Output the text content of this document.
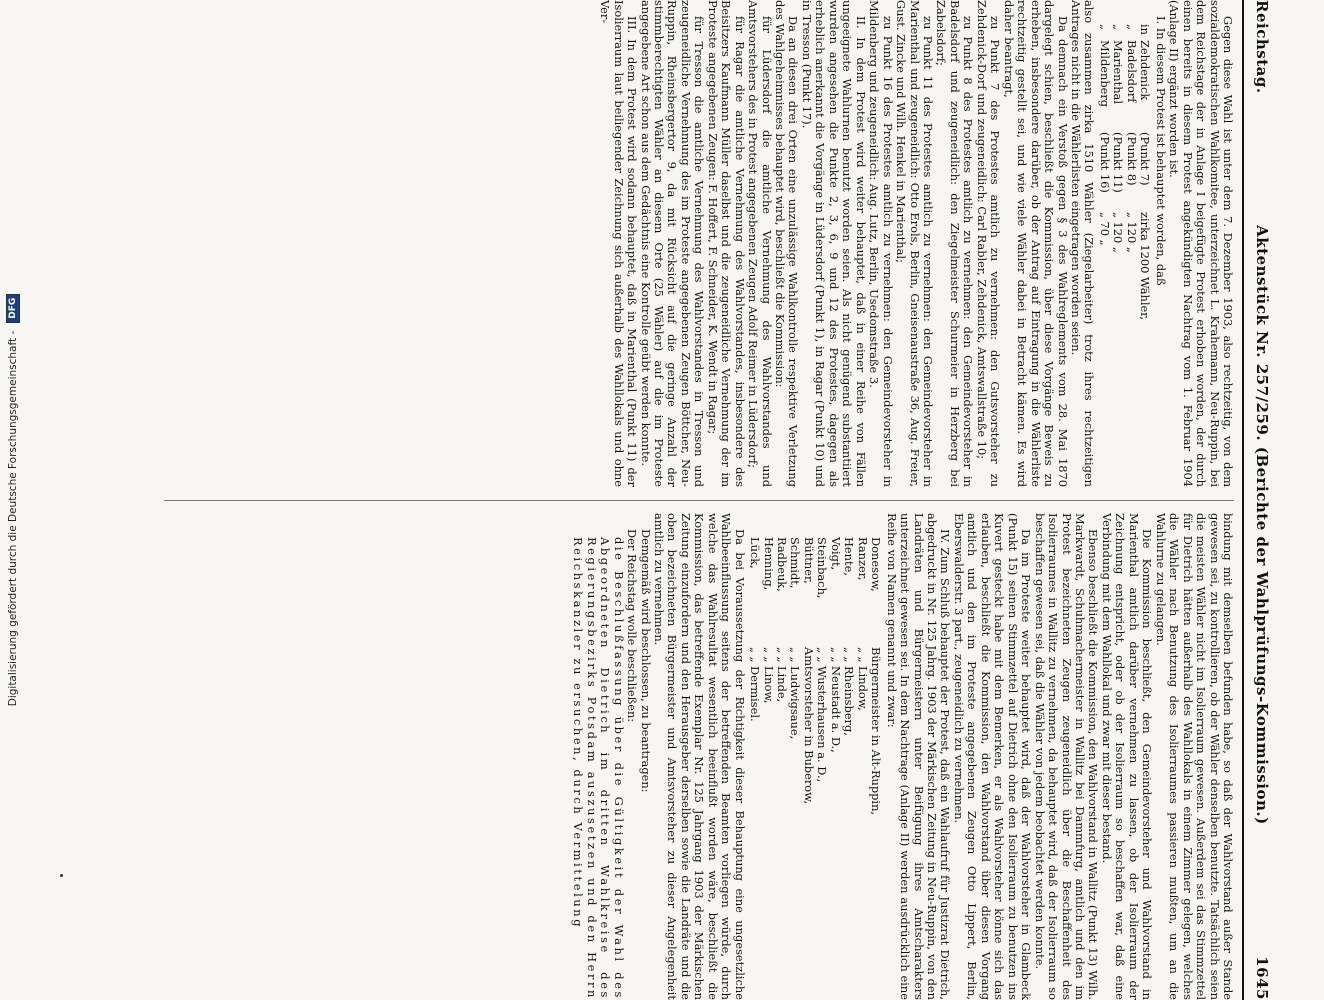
Reichstag.
Aktenstück Nr. 257/259. (Berichte der Wahlprüfungs-Kommission.)
1645

Gegen diese Wahl ist unter dem 7. Dezember 1903, also rechtzeitig, von dem sozialdemokratischen Wahlkomitee, unterzeichnet L. Krahemann, Neu-Ruppin, bei dem Reichstage der in Anlage I beigefügte Protest erhoben worden, der durch einen bereits in diesem Protest angekündigten Nachtrag vom 1. Februar 1904 (Anlage II) ergänzt worden ist.

I. In diesem Protest ist behauptet worden, daß

in
Zehdenick
(Punkt 7)
zirka 1200 Wähler,
„
Badelsdorf
(Punkt 8)
„ 120 „
„
Marienthal
(Punkt 11)
„ 120 „
„
Mildenberg
(Punkt 16)
„ 70 „

also zusammen zirka 1510 Wähler (Ziegelarbeiter) trotz ihres rechtzeitigen Antrages nicht in die Wählerlisten eingetragen worden seien.

Da demnach ein Verstoß gegen § 3 des Wahlreglements vom 28. Mai 1870 dargelegt schien, beschließt die Kommission, über diese Vorgänge Beweis zu erheben, insbesondere darüber, ob der Antrag auf Eintragung in die Wählerliste rechtzeitig gestellt sei, und wie viele Wähler dabei in Betracht kämen. Es wird daher beantragt,

zu Punkt 7 des Protestes amtlich zu vernehmen: den Gutsvorsteher zu Zehdenick-Dorf und zeugeneidlich: Carl Rabler, Zehdenick, Amtswallstraße 10;

zu Punkt 8 des Protestes amtlich zu vernehmen: den Gemeindevorsteher in Badelsdorf und zeugeneidlich: den Ziegelmeister Schurmeier in Herzberg bei Zabelsdorf;

zu Punkt 11 des Protestes amtlich zu vernehmen: den Gemeindevorsteher in Marienthal und zeugeneidlich: Otto Erols, Berlin, Gneisenaustraße 36, Aug. Freier, Gust. Zincke und Wilh. Henkel in Marienthal;

zu Punkt 16 des Protestes amtlich zu vernehmen: den Gemeindevorsteher in Mildenberg und zeugeneidlich: Aug. Lutz, Berlin, Usedomstraße 3.

II. In dem Protest wird weiter behauptet, daß in einer Reihe von Fällen ungeeignete Wahlurnen benutzt worden seien. Als nicht genügend substantiiert wurden angesehen die Punkte 2, 3, 6, 9 und 12 des Protestes, dagegen als erheblich anerkannt die Vorgänge in Lüdersdorf (Punkt 1), in Ragar (Punkt 10) und in Tresson (Punkt 17).

Da an diesen drei Orten eine unzulässige Wahlkontrolle respektive Verletzung des Wahlgeheimnisses behauptet wird, beschließt die Kommission:

für Lüdersdorf die amtliche Vernehmung des Wahlvorstandes und Amtsvorstehers des in Protest angegebenen Zeugen Adolf Reimer in Lüdersdorf;

für Ragar die amtliche Vernehmung des Wahlvorstandes, insbesondere des Beisitzers Kaufmann Müller daselbst und die zeugeneidliche Vernehmung der im Proteste angegebenen Zeugen: F. Hoffert, F. Schneider, K. Wendt in Ragar;

für Tresson die amtliche Vernehmung des Wahlvorstandes in Tresson und zeugeneidliche Vernehmung des im Proteste angegebenen Zeugen Böttcher, Neu-Ruppin, Rheinsbergertor 9, da mit Rücksicht auf die geringe Anzahl der stimmberechtigten Wähler an diesem Orte (25 Wähler) auf die im Proteste angegebene Art schon aus dem Gedächtnis eine Kontrolle geübt werden konnte.

III. In dem Protest wird sodann behauptet, daß in Marienthal (Punkt 11) der Isolierraum laut beiliegender Zeichnung sich außerhalb des Wahllokals und ohne Ver-

bindung mit demselben befunden habe, so daß der Wahlvorstand außer Stande gewesen sei, zu kontrollieren, ob der Wähler denselben benutzte. Tatsächlich seien die meisten Wähler nicht im Isolierraum gewesen. Außerdem sei das Stimmzettel für Dietrich hätten außerhalb des Wahllokals in einem Zimmer gelegen, welches die Wähler nach Benutzung des Isolierraumes passieren mußten, um an die Wahlurne zu gelangen.

Die Kommission beschließt, den Gemeindevorsteher und Wahlvorstand in Marienthal amtlich darüber vernehmen zu lassen, ob der Isolierraum der Zeichnung entspricht, oder ob der Isolierraum so beschaffen war, daß eine Verbindung mit dem Wahllokal und zwar mit dieser bestand.

Ebenso beschließt die Kommission, den Wahlvorstand in Wallitz (Punkt 13) Wilh. Markwardt, Schuhmachermeister in Wallitz bei Dammfurg, amtlich und den im Protest bezeichneten Zeugen zeugeneidlich über die Beschaffenheit des Isolierraumes in Wallitz zu vernehmen, da behauptet wird, daß der Isolierraum so beschaffen gewesen sei, daß die Wähler von jedem beobachtet werden konnte.

Da im Proteste weiter behauptet wird, daß der Wahlvorsteher in Glambeck (Punkt 15) seinen Stimmzettel auf Dietrich ohne den Isolierraum zu benutzen ins Kuvert gesteckt habe mit dem Bemerken, er als Wahlvorsteher könne sich das erlauben, beschließt die Kommission, den Wahlvorstand über diesen Vorgang amtlich und den im Proteste angegebenen Zeugen Otto Lippert, Berlin, Eberswalderstr. 3 part., zeugeneidlich zu vernehmen.

IV. Zum Schluß behauptet der Protest, daß ein Wahlaufruf für Justizrat Dietrich, abgedruckt in Nr. 125 Jahrg. 1903 der Märkischen Zeitung in Neu-Ruppin, von den Landräten und Bürgermeistern unter Beifügung ihres Amtscharakters unterzeichnet gewesen sei. In dem Nachtrage (Anlage II) werden ausdrücklich eine Reihe von Namen genannt und zwar:

Donesow,
Bürgermeister in Alt-Ruppin,
Ranzer,
„ „ Lindow,
Hente,
„ „ Rheinsberg,
Voigt,
„ „ Neustadt a. D.,
Steinbach,
„ „ Wusterhausen a. D.,
Büttner,
Amtsvorsteher in Buberow,
Schmidt,
„ „ Ludwigsaue,
Radbeuk,
„ „ Linde,
Henning,
„ „ Linow,
Lück,
„ „ Dermisel.

Da bei Voraussetzung der Richtigkeit dieser Behauptung eine ungesetzliche Wahlbeeinflussung seitens der betreffenden Beamten vorliegen würde, durch welche das Wahlresultat wesentlich beeinflußt worden wäre, beschließt die Kommission, das betreffende Exemplar Nr. 125 Jahrgang 1903 der Märkischen Zeitung einzufordern und den Herausgeber derselben sowie die Landräte und die oben bezeichneten Bürgermeister und Amtsvorsteher zu dieser Angelegenheit amtlich zu vernehmen.

Demgemäß wird beschlossen, zu beantragen:

Der Reichstag wolle beschließen:

die Beschlußfassung über die Gültigkeit der Wahl des Abgeordneten Dietrich im dritten Wahlkreise des Regierungsbezirks Potsdam auszusetzen und den Herrn Reichskanzler zu ersuchen, durch Vermittelung

Digitalisierung gefördert durch die Deutsche Forschungsgemeinschaft -
DFG
